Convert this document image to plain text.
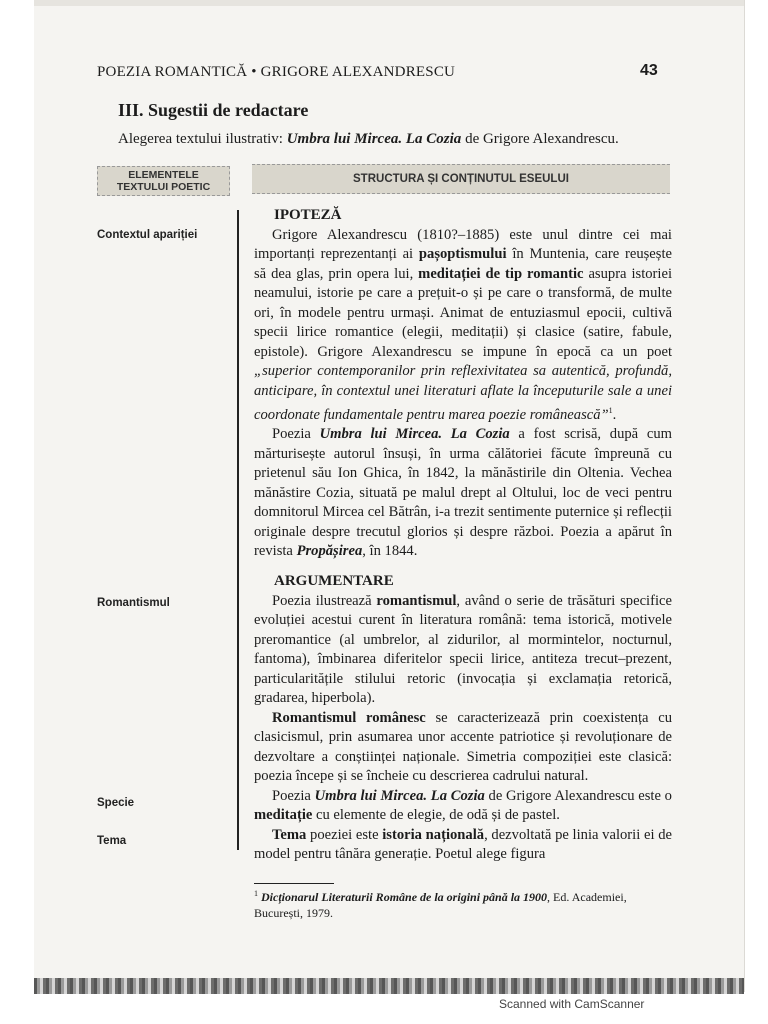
POEZIA ROMANTICĂ • GRIGORE ALEXANDRESCU	43
III. Sugestii de redactare
Alegerea textului ilustrativ: Umbra lui Mircea. La Cozia de Grigore Alexandrescu.
ELEMENTELE
TEXTULUI POETIC
STRUCTURA ȘI CONȚINUTUL ESEULUI
Contextul apariției
Romantismul
Specie
Tema
IPOTEZĂ

Grigore Alexandrescu (1810?–1885) este unul dintre cei mai importanți reprezentanți ai pașoptismului în Muntenia, care reușește să dea glas, prin opera lui, meditației de tip romantic asupra istoriei neamului, istorie pe care a prețuit-o și pe care o transformă, de multe ori, în modele pentru urmași. Animat de entuziasmul epocii, cultivă specii lirice romantice (elegii, meditații) și clasice (satire, fabule, epistole). Grigore Alexandrescu se impune în epocă ca un poet „superior contemporanilor prin reflexivitatea sa autentică, profundă, anticipare, în contextul unei literaturi aflate la începuturile sale a unei coordonate fundamentale pentru marea poezie românească”$^1$.

Poezia Umbra lui Mircea. La Cozia a fost scrisă, după cum mărturisește autorul însuși, în urma călătoriei făcute împreună cu prietenul său Ion Ghica, în 1842, la mănăstirile din Oltenia. Vechea mănăstire Cozia, situată pe malul drept al Oltului, loc de veci pentru domnitorul Mircea cel Bătrân, i-a trezit sentimente puternice și reflecții originale despre trecutul glorios și despre război. Poezia a apărut în revista Propășirea, în 1844.

ARGUMENTARE

Poezia ilustrează romantismul, având o serie de trăsături specifice evoluției acestui curent în literatura română: tema istorică, motivele preromantice (al umbrelor, al zidurilor, al mormintelor, nocturnul, fantoma), îmbinarea diferitelor specii lirice, antiteza trecut–prezent, particularitățile stilului retoric (invocația și exclamația retorică, gradarea, hiperbola).

Romantismul românesc se caracterizează prin coexistența cu clasicismul, prin asumarea unor accente patriotice și revoluționare de dezvoltare a conștiinței naționale. Simetria compoziției este clasică: poezia începe și se încheie cu descrierea cadrului natural.

Poezia Umbra lui Mircea. La Cozia de Grigore Alexandrescu este o meditație cu elemente de elegie, de odă și de pastel.

Tema poeziei este istoria națională, dezvoltată pe linia valorii ei de model pentru tânăra generație. Poetul alege figura

$^1$ Dicționarul Literaturii Române de la origini până la 1900, Ed. Academiei, București, 1979.
Scanned with CamScanner
